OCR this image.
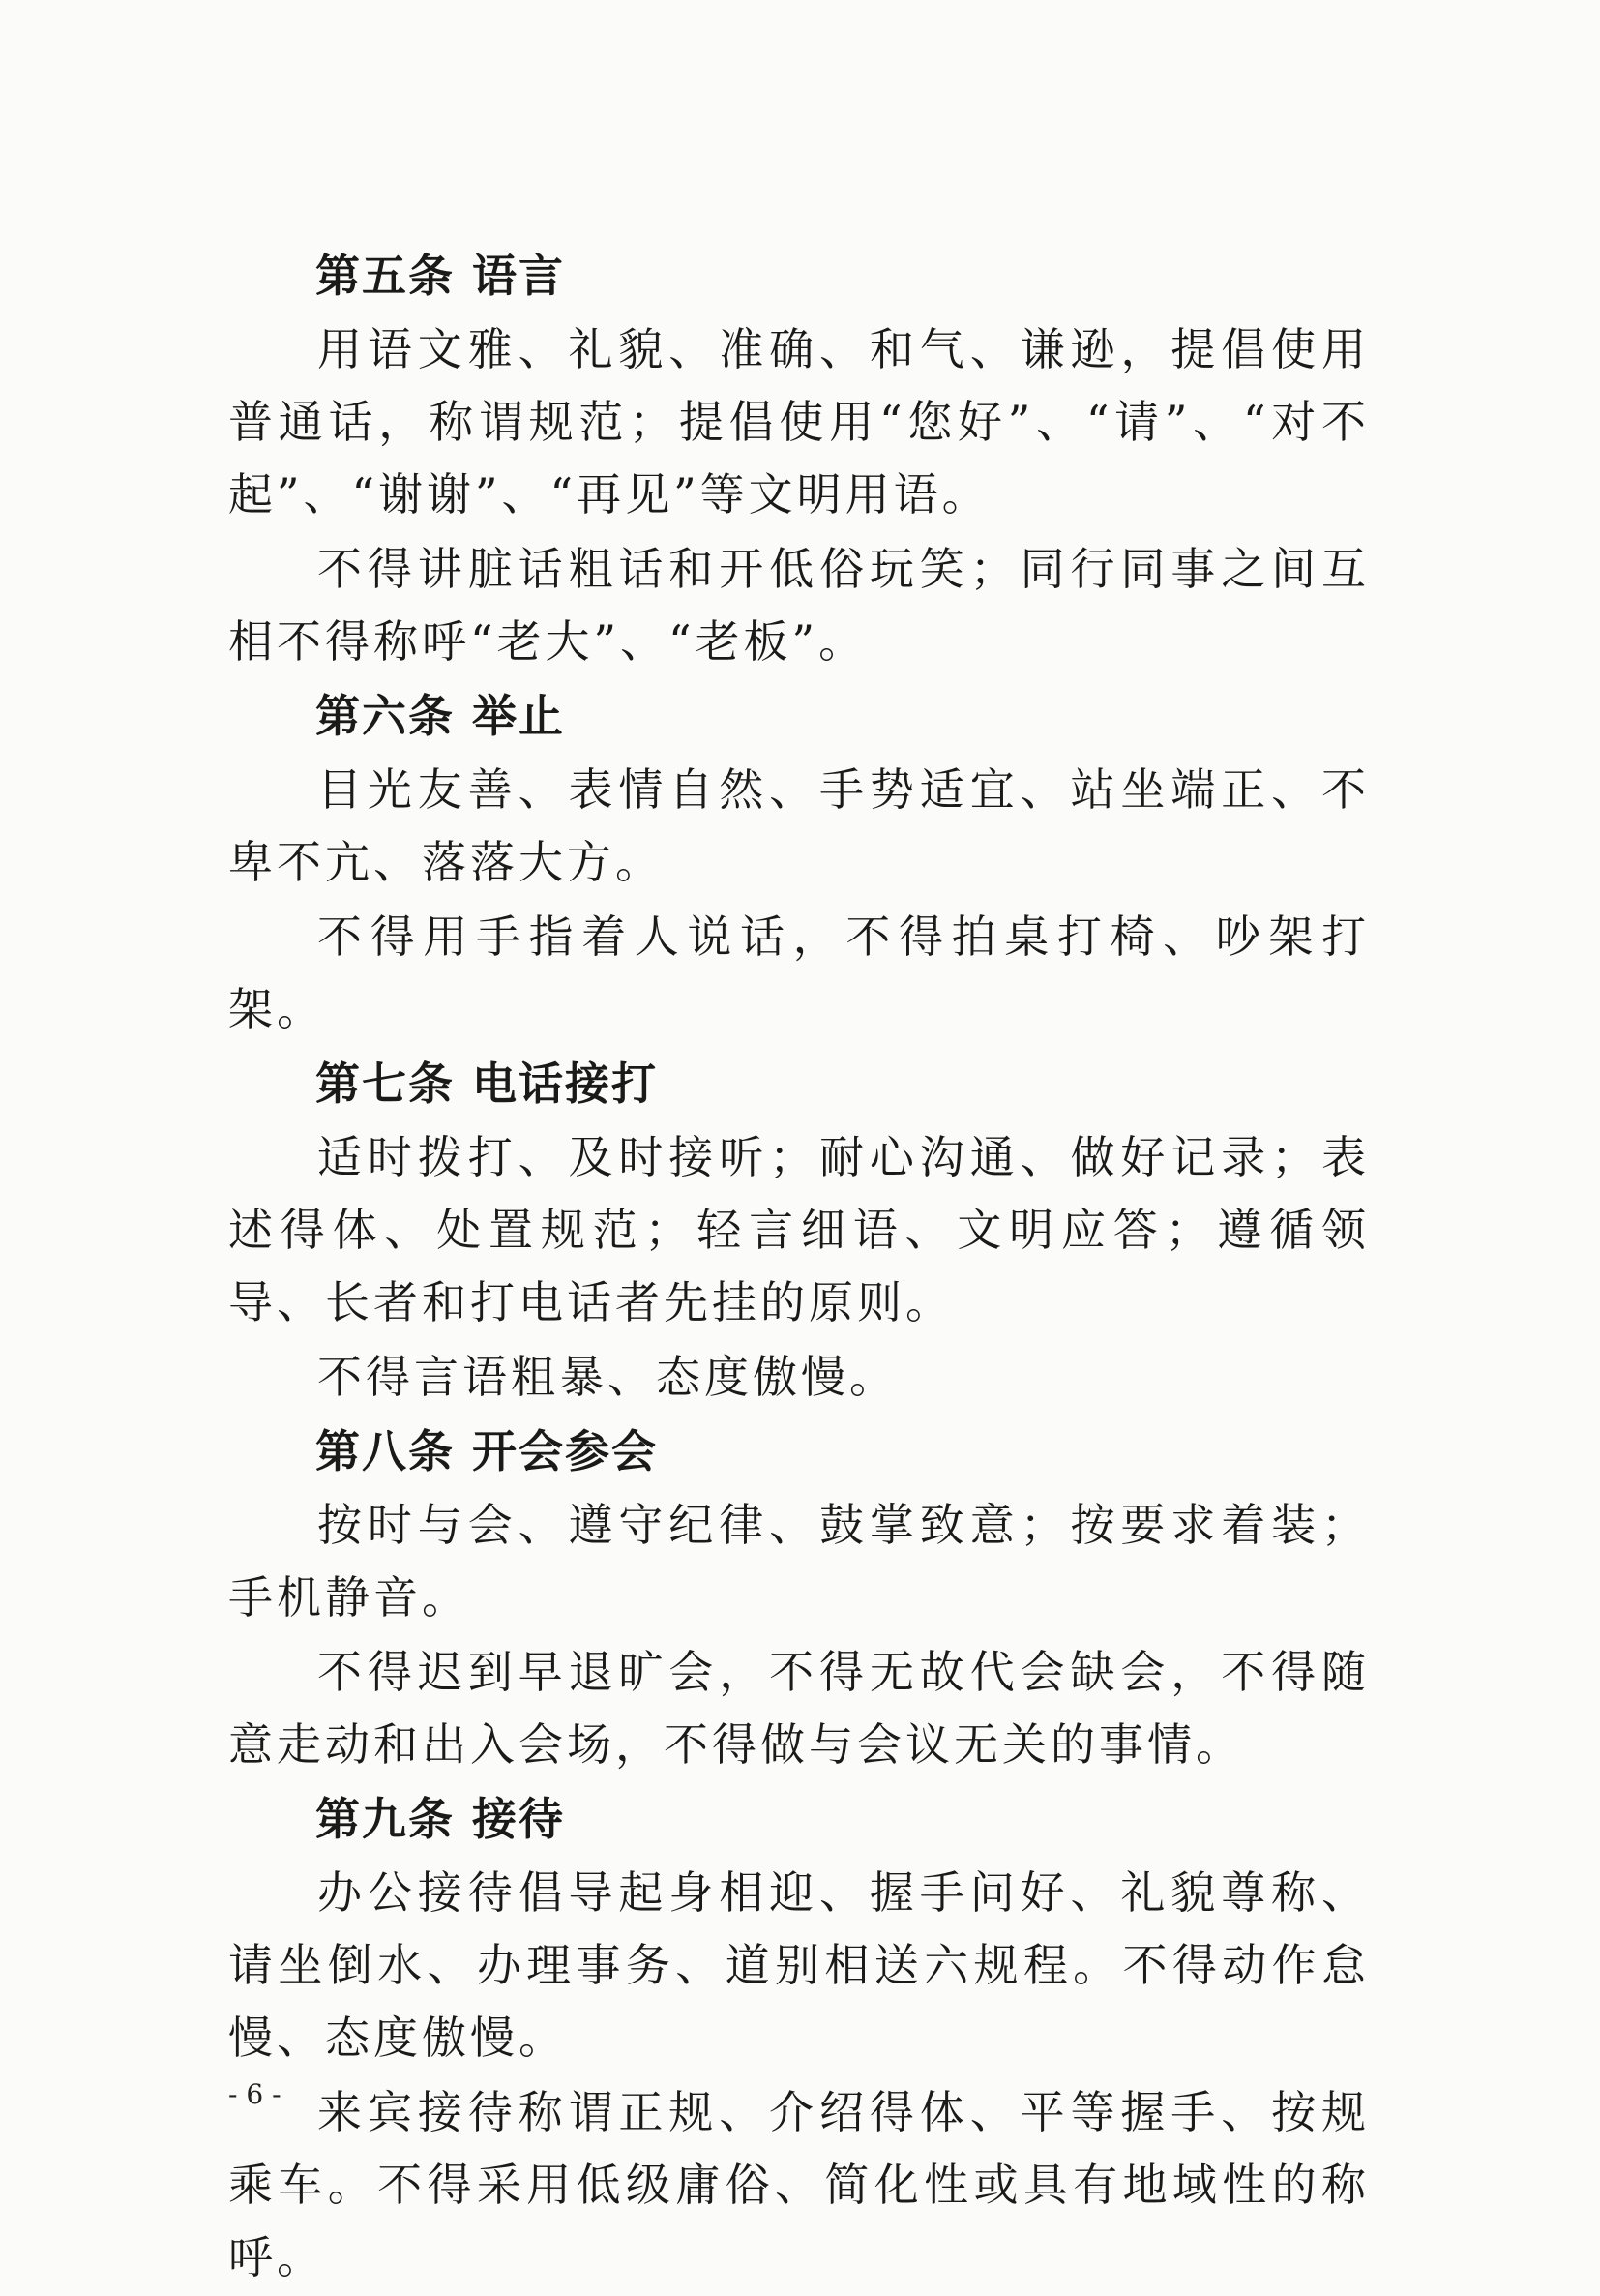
第五条 语言

用语文雅、礼貌、准确、和气、谦逊，提倡使用普通话，称谓规范；提倡使用“您好”、“请”、“对不起”、“谢谢”、“再见”等文明用语。

不得讲脏话粗话和开低俗玩笑；同行同事之间互相不得称呼“老大”、“老板”。

第六条 举止

目光友善、表情自然、手势适宜、站坐端正、不卑不亢、落落大方。

不得用手指着人说话，不得拍桌打椅、吵架打架。

第七条 电话接打

适时拨打、及时接听；耐心沟通、做好记录；表述得体、处置规范；轻言细语、文明应答；遵循领导、长者和打电话者先挂的原则。

不得言语粗暴、态度傲慢。

第八条 开会参会

按时与会、遵守纪律、鼓掌致意；按要求着装；手机静音。

不得迟到早退旷会，不得无故代会缺会，不得随意走动和出入会场，不得做与会议无关的事情。

第九条 接待

办公接待倡导起身相迎、握手问好、礼貌尊称、请坐倒水、办理事务、道别相送六规程。不得动作怠慢、态度傲慢。

来宾接待称谓正规、介绍得体、平等握手、按规乘车。不得采用低级庸俗、简化性或具有地域性的称呼。

- 6 -
